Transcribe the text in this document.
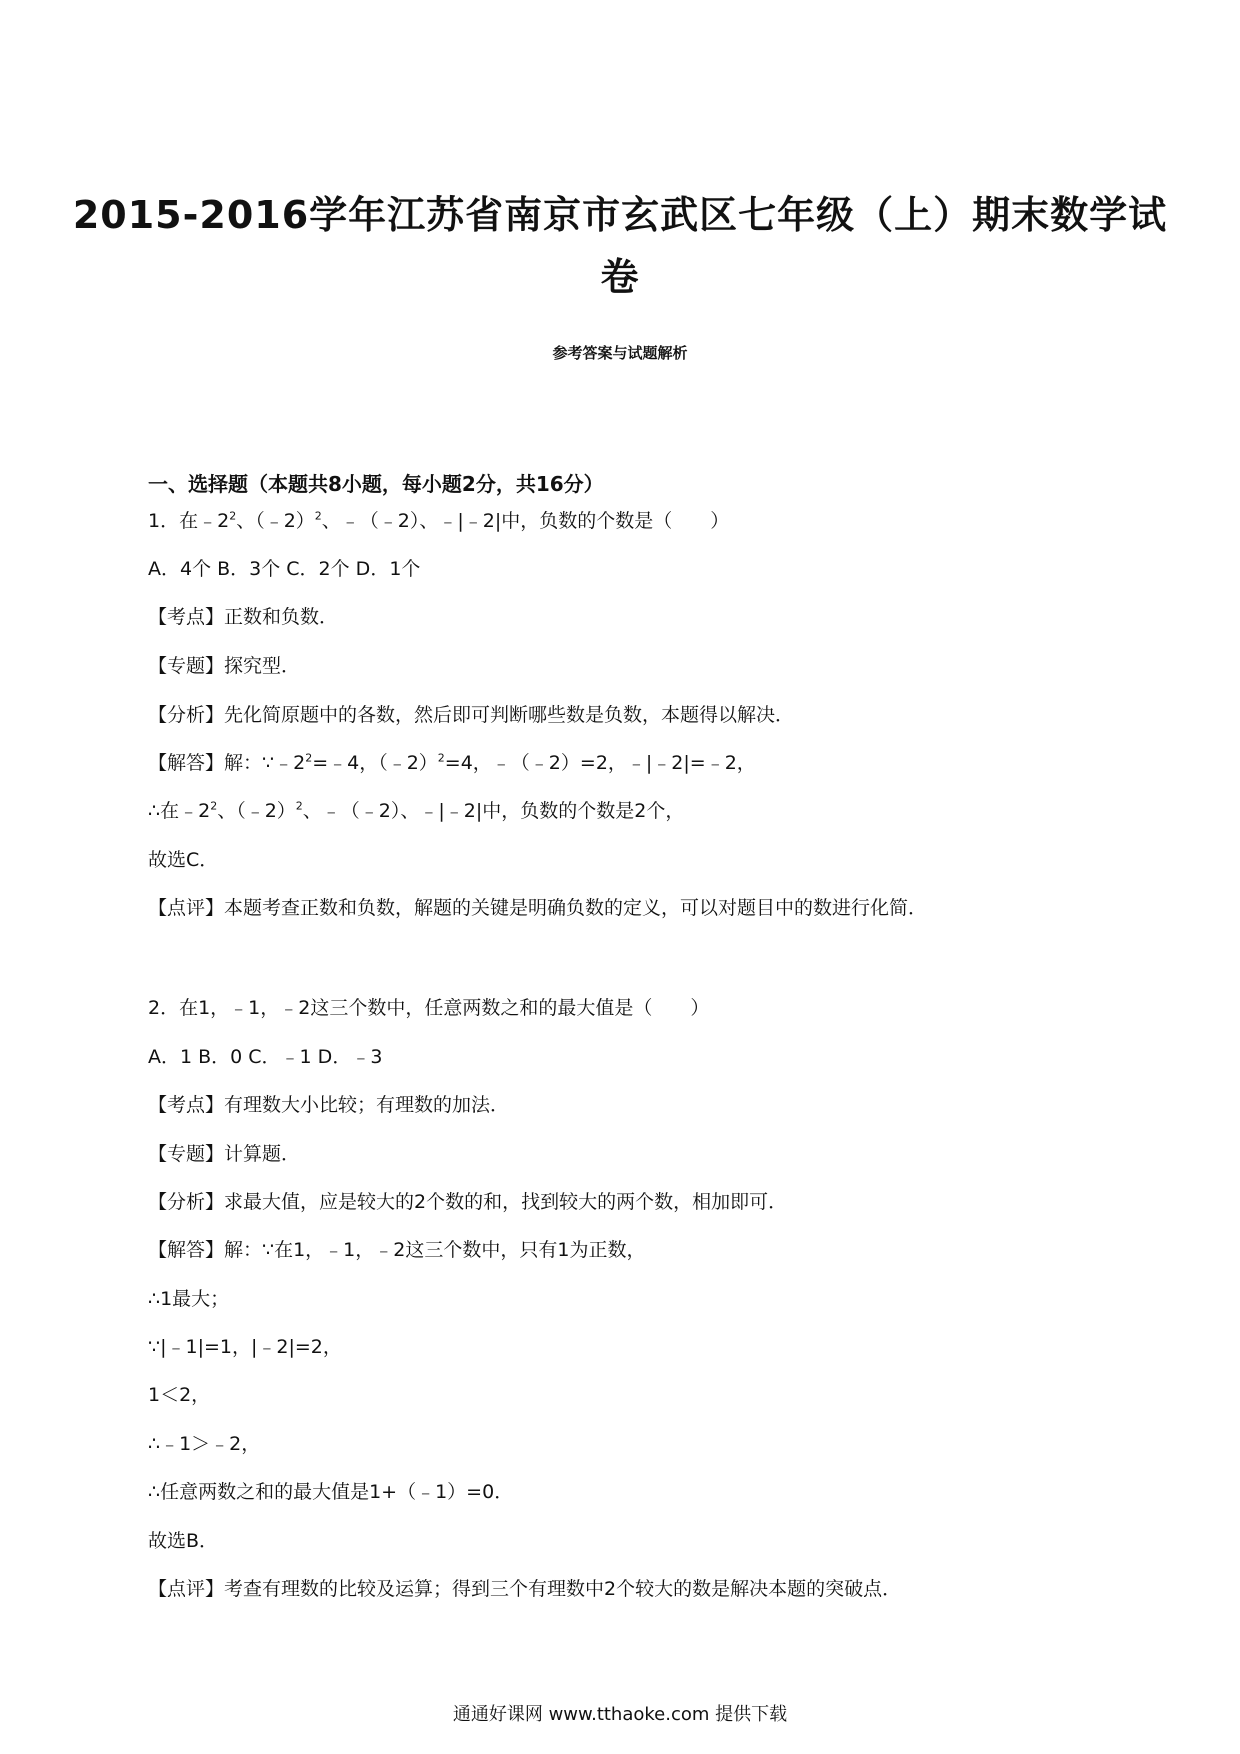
2015-2016学年江苏省南京市玄武区七年级（上）期末数学试
卷
参考答案与试题解析
一、选择题（本题共8小题，每小题2分，共16分）
1．在$﹣2^2$、（﹣2）$^2$、﹣（﹣2）、﹣|﹣2|中，负数的个数是（　　）
A．4个 B．3个 C．2个 D．1个
【考点】正数和负数．
【专题】探究型．
【分析】先化简原题中的各数，然后即可判断哪些数是负数，本题得以解决．
【解答】解：$\because﹣2^2=﹣4$，（﹣2）$^2$=4，﹣（﹣2）=2，﹣|﹣2|=﹣2，
∴在$﹣2^2$、（﹣2）$^2$、﹣（﹣2）、﹣|﹣2|中，负数的个数是2个，
故选C．
【点评】本题考查正数和负数，解题的关键是明确负数的定义，可以对题目中的数进行化简．
2．在1，﹣1，﹣2这三个数中，任意两数之和的最大值是（　　）
A．1 B．0 C．﹣1 D．﹣3
【考点】有理数大小比较；有理数的加法．
【专题】计算题．
【分析】求最大值，应是较大的2个数的和，找到较大的两个数，相加即可．
【解答】解：∵在1，﹣1，﹣2这三个数中，只有1为正数，
∴1最大；
∵|﹣1|=1，|﹣2|=2，
1＜2，
∴﹣1＞﹣2，
∴任意两数之和的最大值是1+（﹣1）=0．
故选B．
【点评】考查有理数的比较及运算；得到三个有理数中2个较大的数是解决本题的突破点．
通通好课网 www.tthaoke.com 提供下载
